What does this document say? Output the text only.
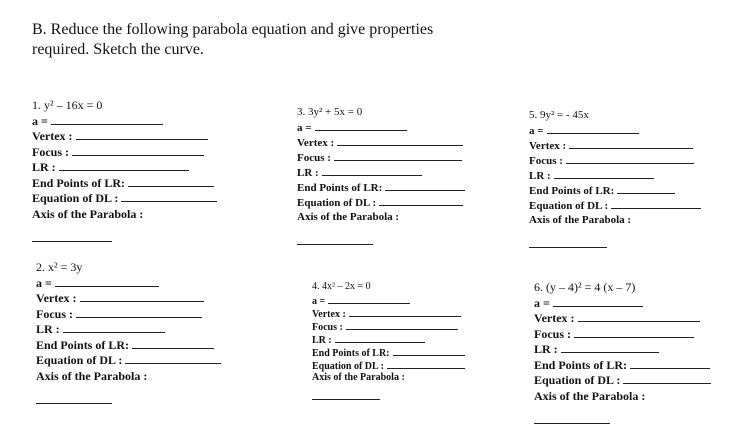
B. Reduce the following parabola equation and give properties
required. Sketch the curve.
1. y² – 16x = 0
a =
Vertex :
Focus :
LR :
End Points of LR:
Equation of DL :
Axis of the Parabola :
2. x² = 3y
a =
Vertex :
Focus :
LR :
End Points of LR:
Equation of DL :
Axis of the Parabola :
3. 3y² + 5x = 0
a =
Vertex :
Focus :
LR :
End Points of LR:
Equation of DL :
Axis of the Parabola :
4. 4x² – 2x = 0
a =
Vertex :
Focus :
LR :
End Points of LR:
Equation of DL :
Axis of the Parabola :
5. 9y² = - 45x
a =
Vertex :
Focus :
LR :
End Points of LR:
Equation of DL :
Axis of the Parabola :
6. (y – 4)² = 4 (x – 7)
a =
Vertex :
Focus :
LR :
End Points of LR:
Equation of DL :
Axis of the Parabola :
